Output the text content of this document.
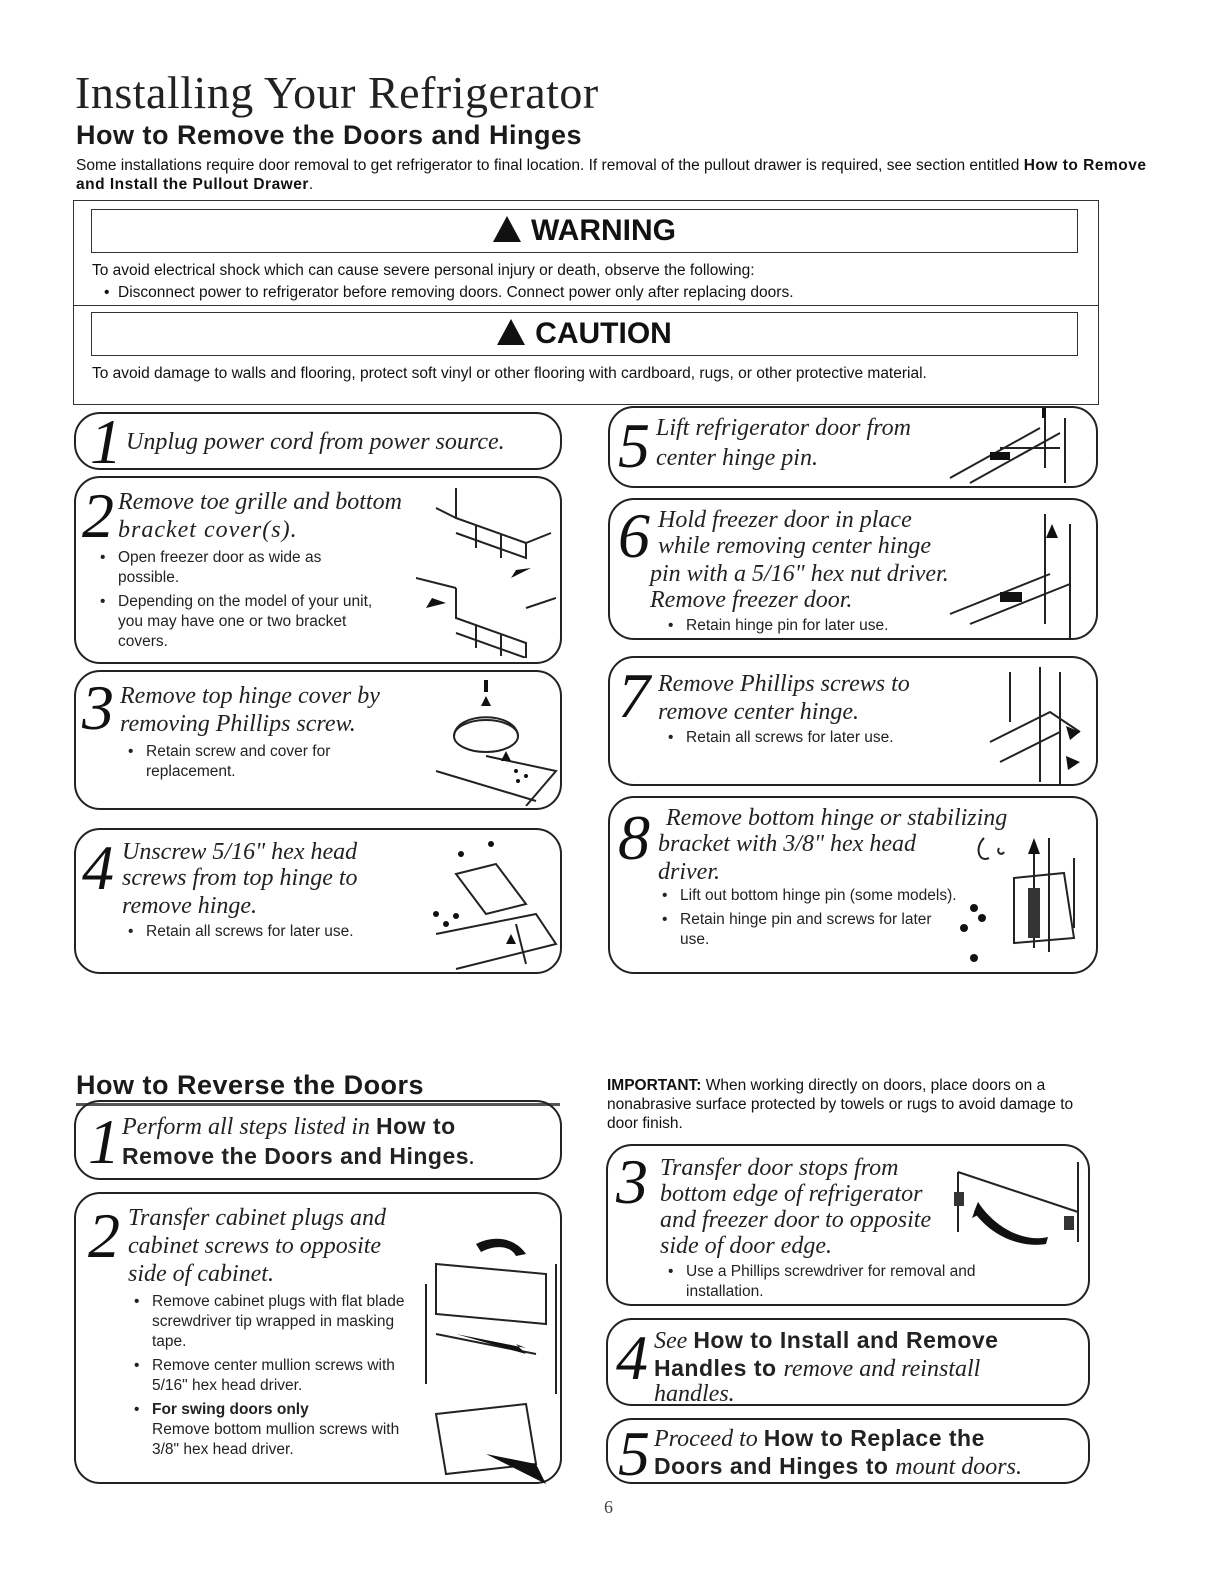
Installing Your Refrigerator
How to Remove the Doors and Hinges
Some installations require door removal to get refrigerator to final location. If removal of the pullout drawer is required, see section entitled How to Remove and Install the Pullout Drawer.
WARNING
To avoid electrical shock which can cause severe personal injury or death, observe the following:
•  Disconnect power to refrigerator before removing doors. Connect power only after replacing doors.
CAUTION
To avoid damage to walls and flooring, protect soft vinyl or other flooring with cardboard, rugs, or other protective material.
1 Unplug power cord from power source.
2 Remove toe grille and bottom
bracket cover(s).
• Open freezer door as wide as possible.
• Depending on the model of your unit, you may have one or two bracket covers.
3 Remove top hinge cover by
removing Phillips screw.
• Retain screw and cover for replacement.
4 Unscrew 5/16" hex head
screws from top hinge to
remove hinge.
• Retain all screws for later use.
5 Lift refrigerator door from
center hinge pin.
6 Hold freezer door in place
while removing center hinge
pin with a 5/16" hex nut driver.
Remove freezer door.
• Retain hinge pin for later use.
7 Remove Phillips screws to
remove center hinge.
• Retain all screws for later use.
8 Remove bottom hinge or stabilizing
bracket with 3/8" hex head
driver.
• Lift out bottom hinge pin (some models).
• Retain hinge pin and screws for later use.
How to Reverse the Doors	IMPORTANT: When working directly on doors, place doors on a nonabrasive surface protected by towels or rugs to avoid damage to door finish.
1 Perform all steps listed in How to
Remove the Doors and Hinges.
2 Transfer cabinet plugs and
cabinet screws to opposite
side of cabinet.
• Remove cabinet plugs with flat blade screwdriver tip wrapped in masking tape.
• Remove center mullion screws with 5/16" hex head driver.
• For swing doors only
Remove bottom mullion screws with 3/8" hex head driver.
3 Transfer door stops from
bottom edge of refrigerator
and freezer door to opposite
side of door edge.
• Use a Phillips screwdriver for removal and installation.
4 See How to Install and Remove
Handles to remove and reinstall
handles.
5 Proceed to How to Replace the
Doors and Hinges to mount doors.
6
